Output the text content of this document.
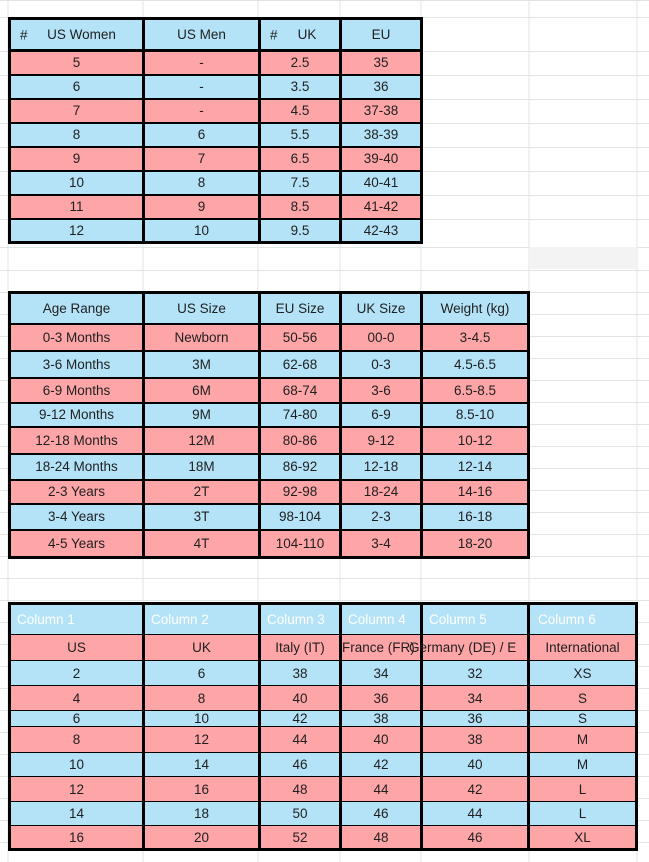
# US Women	US Men	# UK	EU
5	-	2.5	35
6	-	3.5	36
7	-	4.5	37-38
8	6	5.5	38-39
9	7	6.5	39-40
10	8	7.5	40-41
11	9	8.5	41-42
12	10	9.5	42-43
Age Range	US Size	EU Size	UK Size	Weight (kg)
0-3 Months	Newborn	50-56	00-0	3-4.5
3-6 Months	3M	62-68	0-3	4.5-6.5
6-9 Months	6M	68-74	3-6	6.5-8.5
9-12 Months	9M	74-80	6-9	8.5-10
12-18 Months	12M	80-86	9-12	10-12
18-24 Months	18M	86-92	12-18	12-14
2-3 Years	2T	92-98	18-24	14-16
3-4 Years	3T	98-104	2-3	16-18
4-5 Years	4T	104-110	3-4	18-20
Column 1	Column 2	Column 3	Column 4	Column 5	Column 6
US	UK	Italy (IT)	France (FR)	Germany (DE) / E	International
2	6	38	34	32	XS
4	8	40	36	34	S
6	10	42	38	36	S
8	12	44	40	38	M
10	14	46	42	40	M
12	16	48	44	42	L
14	18	50	46	44	L
16	20	52	48	46	XL
